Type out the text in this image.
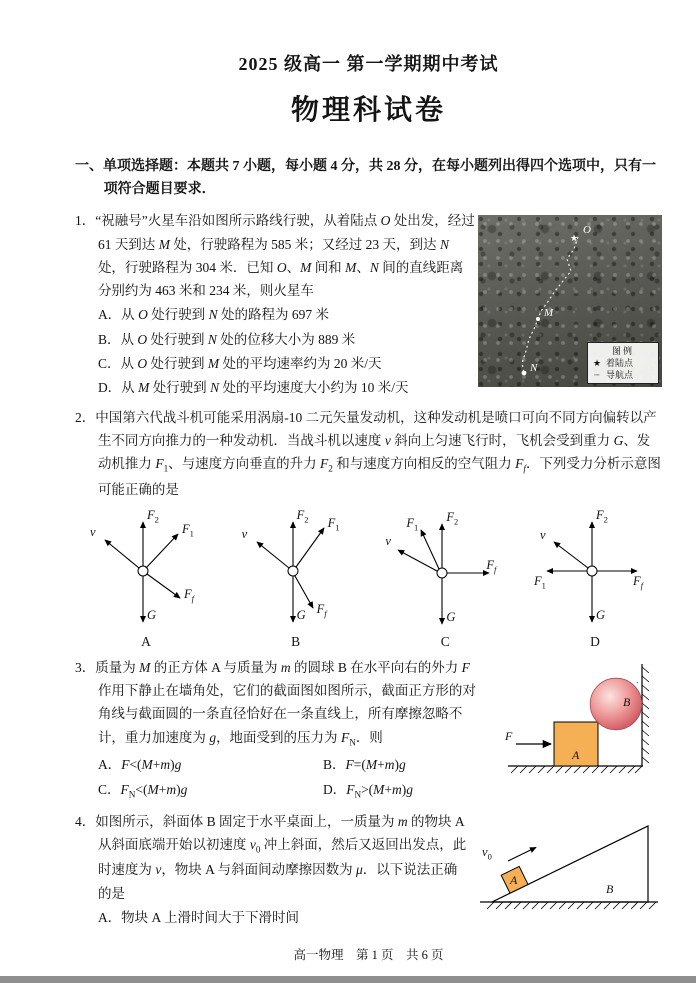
2025 级高一 第一学期期中考试
物理科试卷

一、单项选择题：本题共 7 小题，每小题 4 分，共 28 分，在每小题列出得四个选项中，只有一项符合题目要求．

1．“祝融号”火星车沿如图所示路线行驶，从着陆点 O 处出发，经过 61 天到达 M 处，行驶路程为 585 米；又经过 23 天，到达 N 处，行驶路程为 304 米．已知 O、M 间和 M、N 间的直线距离分别约为 463 米和 234 米，则火星车

A．从 O 处行驶到 N 处的路程为 697 米

B．从 O 处行驶到 N 处的位移大小为 889 米

C．从 O 处行驶到 M 处的平均速率约为 20 米/天

D．从 M 处行驶到 N 处的平均速度大小约为 10 米/天

★
O
M
N
图例
★ 着陆点
┈ 导航点

2．中国第六代战斗机可能采用涡扇-10 二元矢量发动机，这种发动机是喷口可向不同方向偏转以产生不同方向推力的一种发动机．当战斗机以速度 v 斜向上匀速飞行时，飞机会受到重力 G、发动机推力 $F_1$、与速度方向垂直的升力 $F_2$ 和与速度方向相反的空气阻力 $F_f$．下列受力分析示意图可能正确的是

$F_2$
$F_1$
v
$F_f$
G
A
$F_2$ $F_1$
v
$F_f$
G
B
$F_2$
$F_1$
v
$F_f$
G
C
$F_2$
$F_1$
v
$F_f$
G
D

3．质量为 M 的正方体 A 与质量为 m 的圆球 B 在水平向右的外力 F 作用下静止在墙角处，它们的截面图如图所示，截面正方形的对角线与截面圆的一条直径恰好在一条直线上，所有摩擦忽略不计，重力加速度为 g，地面受到的压力为 $F_N$．则

A．F<(M+m)g	B．F=(M+m)g
C．$F_N<(M+m)g$	D．$F_N>(M+m)g$
F
A
B

4．如图所示，斜面体 B 固定于水平桌面上，一质量为 m 的物块 A 从斜面底端开始以初速度 $v_0$ 冲上斜面，然后又返回出发点，此时速度为 v，物块 A 与斜面间动摩擦因数为 μ．以下说法正确的是

A．物块 A 上滑时间大于下滑时间

A
B
$v_0$
高一物理　第 1 页　共 6 页
